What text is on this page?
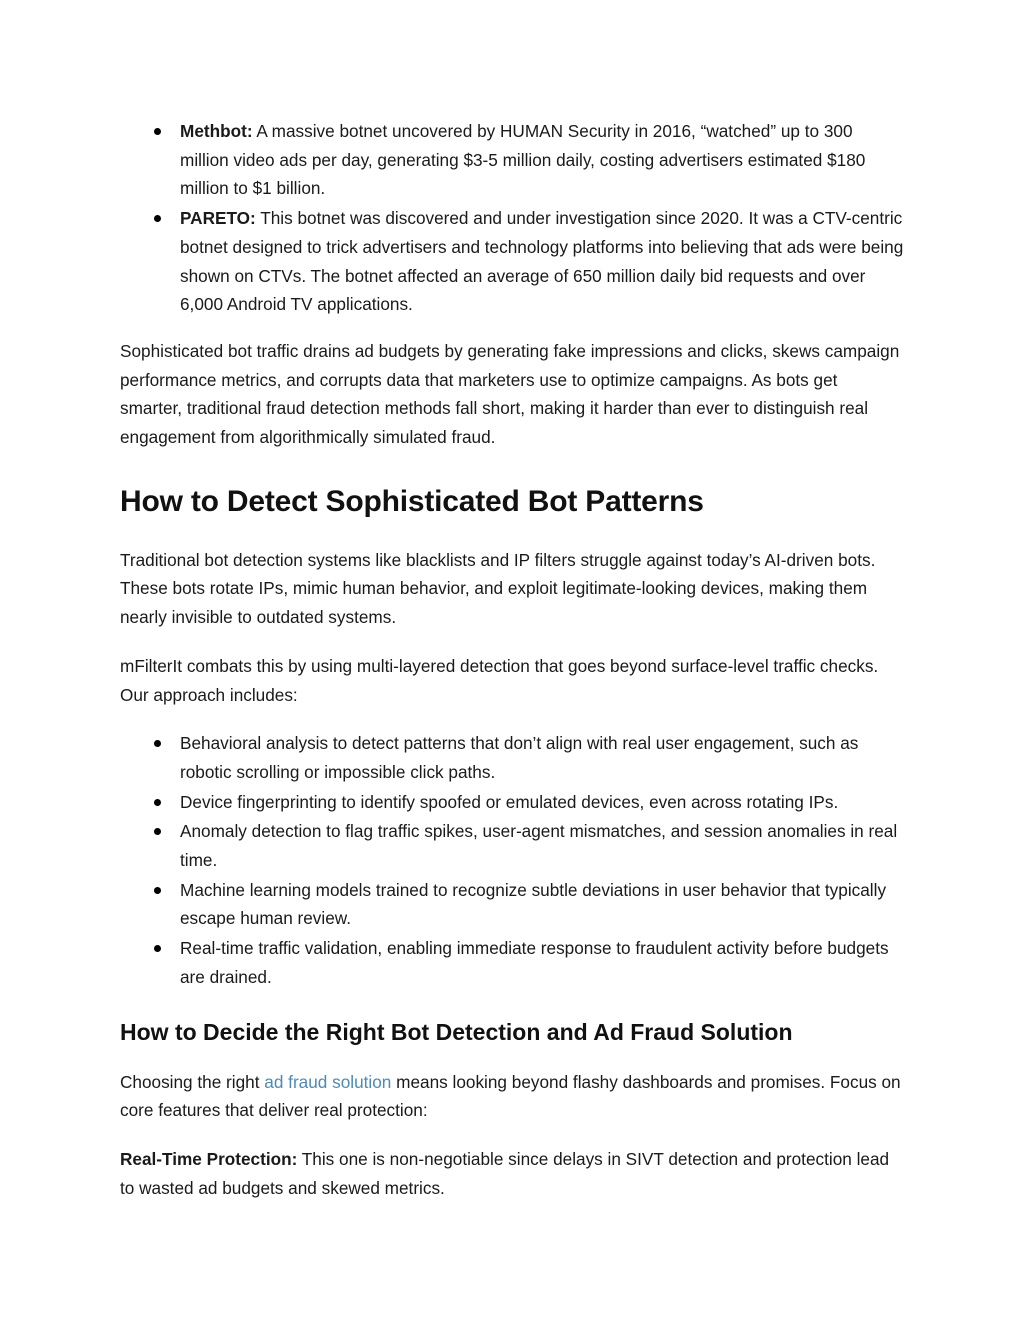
Methbot: A massive botnet uncovered by HUMAN Security in 2016, “watched” up to 300 million video ads per day, generating $3-5 million daily, costing advertisers estimated $180 million to $1 billion.
PARETO: This botnet was discovered and under investigation since 2020. It was a CTV-centric botnet designed to trick advertisers and technology platforms into believing that ads were being shown on CTVs. The botnet affected an average of 650 million daily bid requests and over 6,000 Android TV applications.

Sophisticated bot traffic drains ad budgets by generating fake impressions and clicks, skews campaign performance metrics, and corrupts data that marketers use to optimize campaigns. As bots get smarter, traditional fraud detection methods fall short, making it harder than ever to distinguish real engagement from algorithmically simulated fraud.

How to Detect Sophisticated Bot Patterns

Traditional bot detection systems like blacklists and IP filters struggle against today’s AI-driven bots. These bots rotate IPs, mimic human behavior, and exploit legitimate-looking devices, making them nearly invisible to outdated systems.

mFilterIt combats this by using multi-layered detection that goes beyond surface-level traffic checks. Our approach includes:

Behavioral analysis to detect patterns that don’t align with real user engagement, such as robotic scrolling or impossible click paths.
Device fingerprinting to identify spoofed or emulated devices, even across rotating IPs.
Anomaly detection to flag traffic spikes, user-agent mismatches, and session anomalies in real time.
Machine learning models trained to recognize subtle deviations in user behavior that typically escape human review.
Real-time traffic validation, enabling immediate response to fraudulent activity before budgets are drained.
How to Decide the Right Bot Detection and Ad Fraud Solution

Choosing the right ad fraud solution means looking beyond flashy dashboards and promises. Focus on core features that deliver real protection:

Real-Time Protection: This one is non-negotiable since delays in SIVT detection and protection lead to wasted ad budgets and skewed metrics.
